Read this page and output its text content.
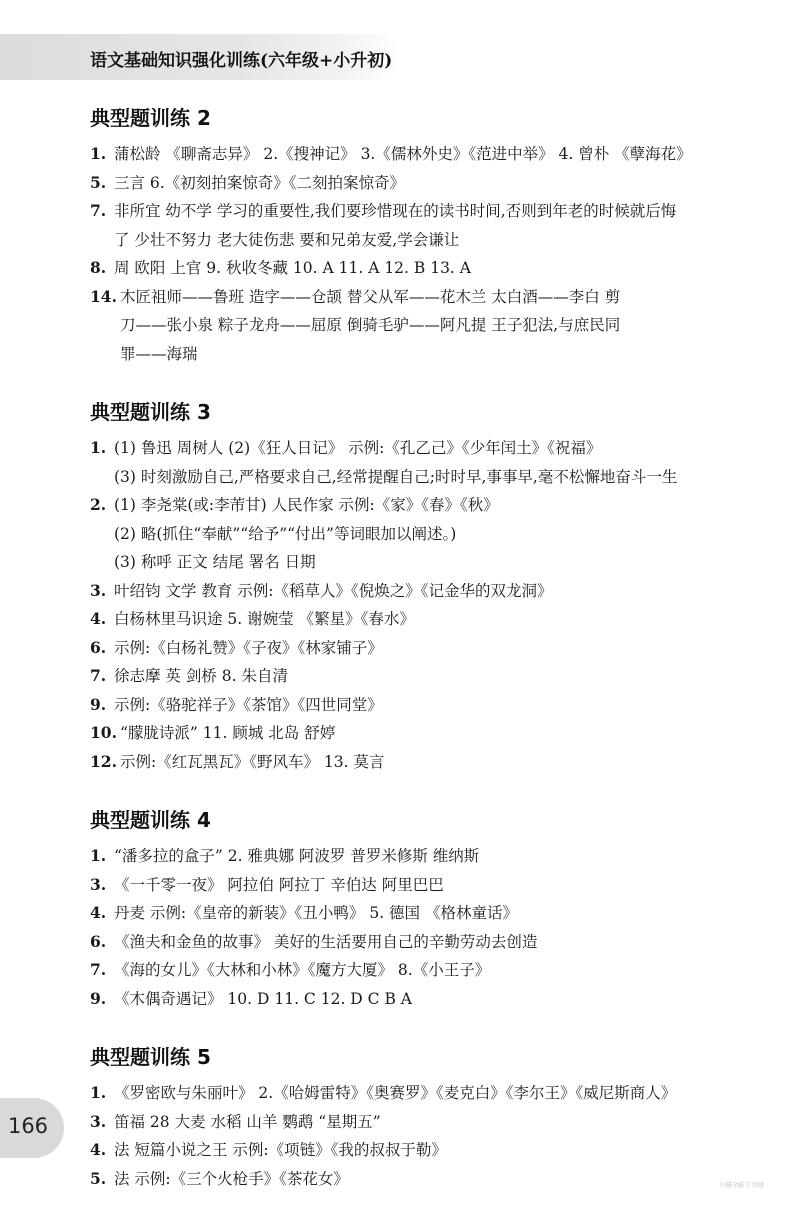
语文基础知识强化训练(六年级+小升初)
典型题训练 2
1. 蒲松龄 《聊斋志异》 2.《搜神记》 3.《儒林外史》《范进中举》 4. 曾朴 《孽海花》
5. 三言 6.《初刻拍案惊奇》《二刻拍案惊奇》
7. 非所宜 幼不学 学习的重要性,我们要珍惜现在的读书时间,否则到年老的时候就后悔
了 少壮不努力 老大徒伤悲 要和兄弟友爱,学会谦让
8. 周 欧阳 上官 9. 秋收冬藏 10. A 11. A 12. B 13. A
14. 木匠祖师——鲁班 造字——仓颉 替父从军——花木兰 太白酒——李白 剪
刀——张小泉 粽子龙舟——屈原 倒骑毛驴——阿凡提 王子犯法,与庶民同
罪——海瑞
典型题训练 3
1. (1) 鲁迅 周树人 (2)《狂人日记》 示例:《孔乙己》《少年闰土》《祝福》
(3) 时刻激励自己,严格要求自己,经常提醒自己;时时早,事事早,毫不松懈地奋斗一生
2. (1) 李尧棠(或:李芾甘) 人民作家 示例:《家》《春》《秋》
(2) 略(抓住“奉献”“给予”“付出”等词眼加以阐述。)
(3) 称呼 正文 结尾 署名 日期
3. 叶绍钧 文学 教育 示例:《稻草人》《倪焕之》《记金华的双龙洞》
4. 白杨林里马识途 5. 谢婉莹 《繁星》《春水》
6. 示例:《白杨礼赞》《子夜》《林家铺子》
7. 徐志摩 英 剑桥 8. 朱自清
9. 示例:《骆驼祥子》《茶馆》《四世同堂》
10. “朦胧诗派” 11. 顾城 北岛 舒婷
12. 示例:《红瓦黑瓦》《野风车》 13. 莫言
典型题训练 4
1. “潘多拉的盒子” 2. 雅典娜 阿波罗 普罗米修斯 维纳斯
3. 《一千零一夜》 阿拉伯 阿拉丁 辛伯达 阿里巴巴
4. 丹麦 示例:《皇帝的新装》《丑小鸭》 5. 德国 《格林童话》
6. 《渔夫和金鱼的故事》 美好的生活要用自己的辛勤劳动去创造
7. 《海的女儿》《大林和小林》《魔方大厦》 8.《小王子》
9. 《木偶奇遇记》 10. D 11. C 12. D C B A
典型题训练 5
1. 《罗密欧与朱丽叶》 2.《哈姆雷特》《奥赛罗》《麦克白》《李尔王》《威尼斯商人》
3. 笛福 28 大麦 水稻 山羊 鹦鹉 “星期五”
4. 法 短篇小说之王 示例:《项链》《我的叔叔于勒》
5. 法 示例:《三个火枪手》《茶花女》
166
扫描全能王 创建
